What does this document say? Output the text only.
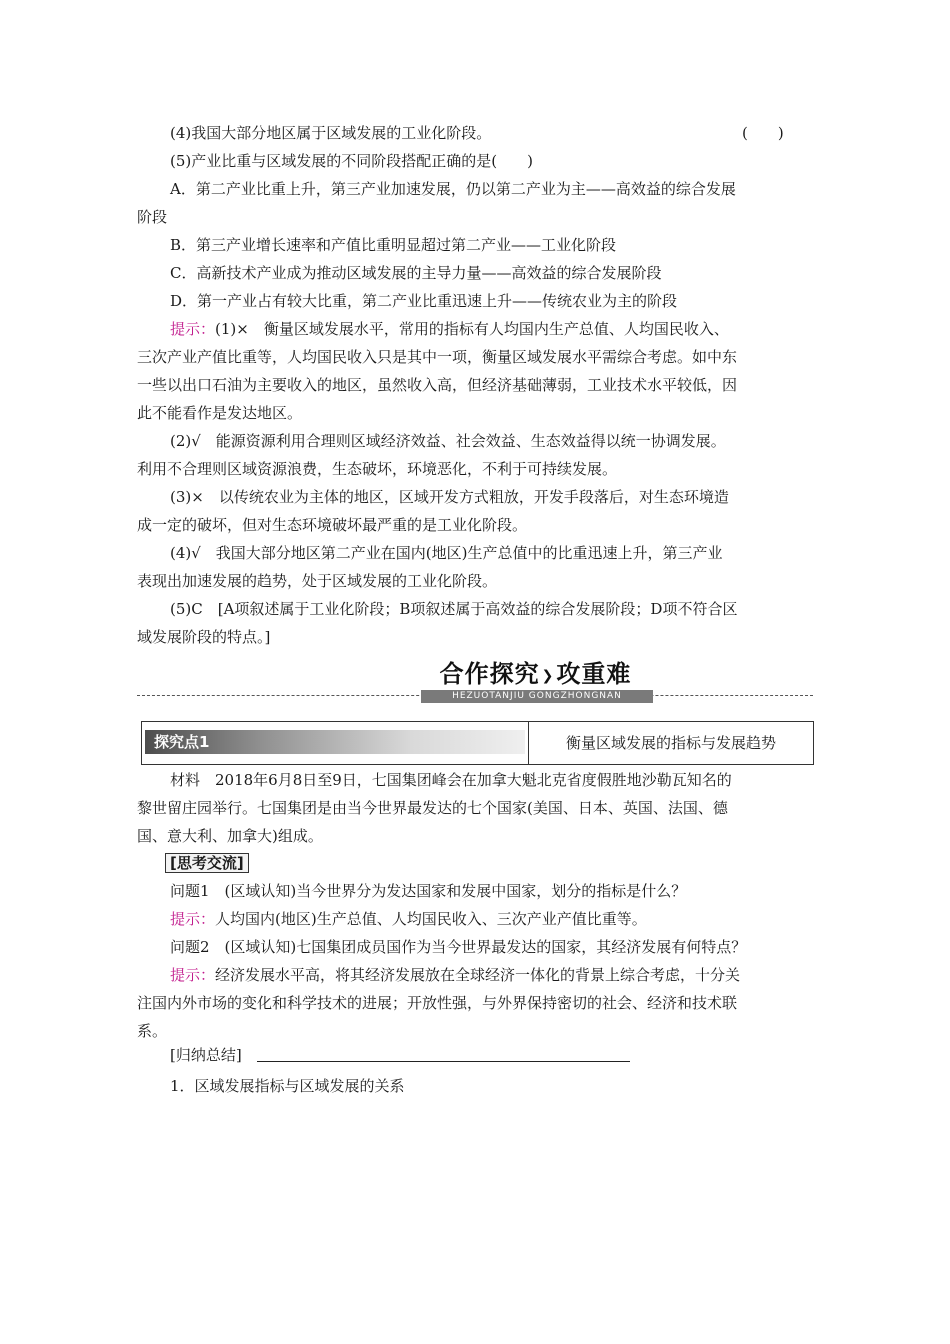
(4)我国大部分地区属于区域发展的工业化阶段。	(　　)
(5)产业比重与区域发展的不同阶段搭配正确的是(　　)
A．第二产业比重上升，第三产业加速发展，仍以第二产业为主——高效益的综合发展
阶段
B．第三产业增长速率和产值比重明显超过第二产业——工业化阶段
C．高新技术产业成为推动区域发展的主导力量——高效益的综合发展阶段
D．第一产业占有较大比重，第二产业比重迅速上升——传统农业为主的阶段
提示：(1)×　衡量区域发展水平，常用的指标有人均国内生产总值、人均国民收入、
三次产业产值比重等，人均国民收入只是其中一项，衡量区域发展水平需综合考虑。如中东
一些以出口石油为主要收入的地区，虽然收入高，但经济基础薄弱，工业技术水平较低，因
此不能看作是发达地区。
(2)√　能源资源利用合理则区域经济效益、社会效益、生态效益得以统一协调发展。
利用不合理则区域资源浪费，生态破坏，环境恶化，不利于可持续发展。
(3)×　以传统农业为主体的地区，区域开发方式粗放，开发手段落后，对生态环境造
成一定的破坏，但对生态环境破坏最严重的是工业化阶段。
(4)√　我国大部分地区第二产业在国内(地区)生产总值中的比重迅速上升，第三产业
表现出加速发展的趋势，处于区域发展的工业化阶段。
(5)C　[A项叙述属于工业化阶段；B项叙述属于高效益的综合发展阶段；D项不符合区
域发展阶段的特点。]
合作探究 ❯攻重难
HEZUOTANJIU GONGZHONGNAN
探究点1	衡量区域发展的指标与发展趋势
材料　2018年6月8日至9日，七国集团峰会在加拿大魁北克省度假胜地沙勒瓦知名的
黎世留庄园举行。七国集团是由当今世界最发达的七个国家(美国、日本、英国、法国、德
国、意大利、加拿大)组成。
[思考交流]
问题1　(区域认知)当今世界分为发达国家和发展中国家，划分的指标是什么？
提示：人均国内(地区)生产总值、人均国民收入、三次产业产值比重等。
问题2　(区域认知)七国集团成员国作为当今世界最发达的国家，其经济发展有何特点？
提示：经济发展水平高，将其经济发展放在全球经济一体化的背景上综合考虑，十分关
注国内外市场的变化和科学技术的进展；开放性强，与外界保持密切的社会、经济和技术联
系。
[归纳总结]
1．区域发展指标与区域发展的关系
